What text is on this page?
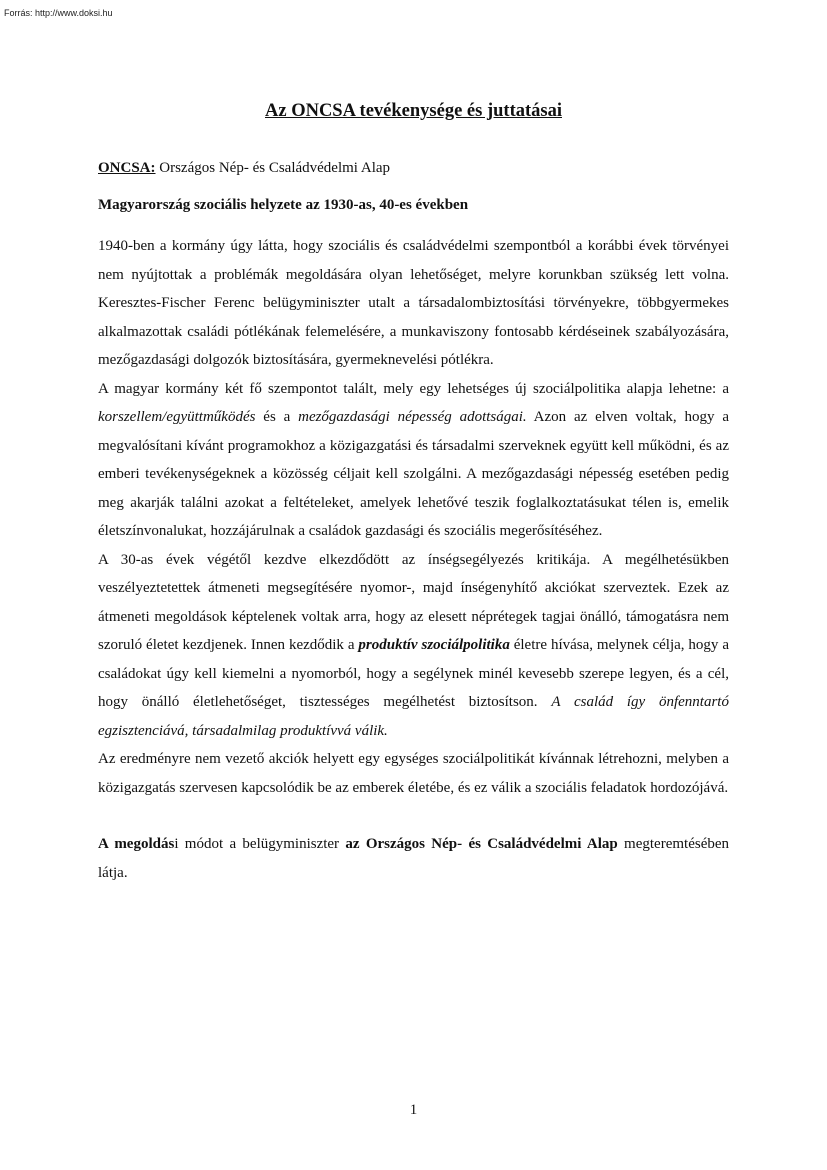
Forrás: http://www.doksi.hu
Az ONCSA tevékenysége és juttatásai
ONCSA: Országos Nép- és Családvédelmi Alap
Magyarország szociális helyzete az 1930-as, 40-es években

1940-ben a kormány úgy látta, hogy szociális és családvédelmi szempontból a korábbi évek törvényei nem nyújtottak a problémák megoldására olyan lehetőséget, melyre korunkban szükség lett volna. Keresztes-Fischer Ferenc belügyminiszter utalt a társadalombiztosítási törvényekre, többgyermekes alkalmazottak családi pótlékának felemelésére, a munkaviszony fontosabb kérdéseinek szabályozására, mezőgazdasági dolgozók biztosítására, gyermeknevelési pótlékra.

A magyar kormány két fő szempontot talált, mely egy lehetséges új szociálpolitika alapja lehetne: a korszellem/együttműködés és a mezőgazdasági népesség adottságai. Azon az elven voltak, hogy a megvalósítani kívánt programokhoz a közigazgatási és társadalmi szerveknek együtt kell működni, és az emberi tevékenységeknek a közösség céljait kell szolgálni. A mezőgazdasági népesség esetében pedig meg akarják találni azokat a feltételeket, amelyek lehetővé teszik foglalkoztatásukat télen is, emelik életszínvonalukat, hozzájárulnak a családok gazdasági és szociális megerősítéséhez.

A 30-as évek végétől kezdve elkezdődött az ínségsegélyezés kritikája. A megélhetésükben veszélyeztetettek átmeneti megsegítésére nyomor-, majd ínségenyhítő akciókat szerveztek. Ezek az átmeneti megoldások képtelenek voltak arra, hogy az elesett néprétegek tagjai önálló, támogatásra nem szoruló életet kezdjenek. Innen kezdődik a produktív szociálpolitika életre hívása, melynek célja, hogy a családokat úgy kell kiemelni a nyomorból, hogy a segélynek minél kevesebb szerepe legyen, és a cél, hogy önálló életlehetőséget, tisztességes megélhetést biztosítson. A család így önfenntartó egzisztenciává, társadalmilag produktívvá válik.

Az eredményre nem vezető akciók helyett egy egységes szociálpolitikát kívánnak létrehozni, melyben a közigazgatás szervesen kapcsolódik be az emberek életébe, és ez válik a szociális feladatok hordozójává.

A megoldási módot a belügyminiszter az Országos Nép- és Családvédelmi Alap megteremtésében látja.

1
